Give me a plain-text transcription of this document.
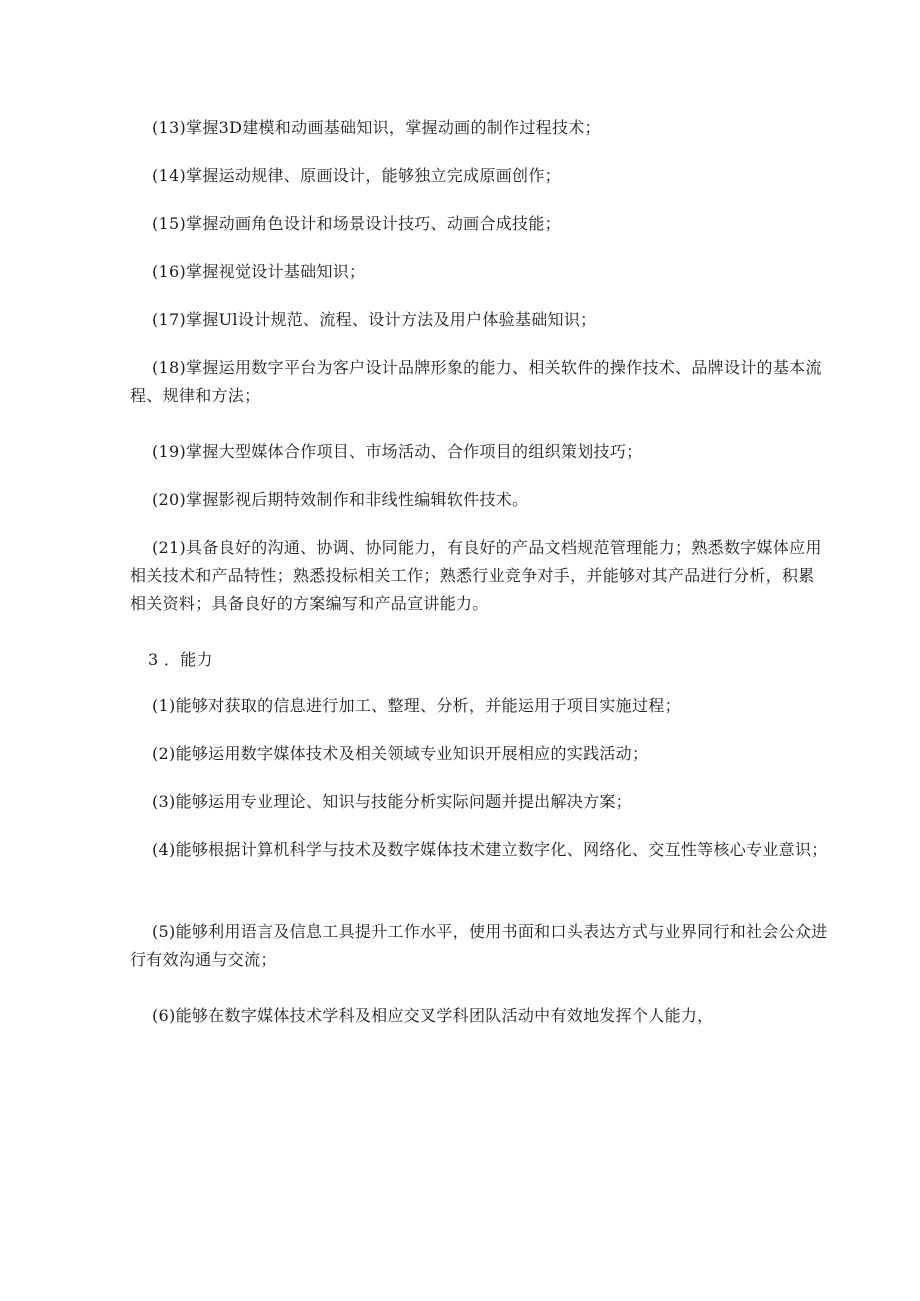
(13)掌握3D建模和动画基础知识，掌握动画的制作过程技术；

(14)掌握运动规律、原画设计，能够独立完成原画创作；

(15)掌握动画角色设计和场景设计技巧、动画合成技能；

(16)掌握视觉设计基础知识；

(17)掌握Ul设计规范、流程、设计方法及用户体验基础知识；

(18)掌握运用数字平台为客户设计品牌形象的能力、相关软件的操作技术、品牌设计的基本流程、规律和方法；

(19)掌握大型媒体合作项目、市场活动、合作项目的组织策划技巧；

(20)掌握影视后期特效制作和非线性编辑软件技术。

(21)具备良好的沟通、协调、协同能力，有良好的产品文档规范管理能力；熟悉数字媒体应用相关技术和产品特性；熟悉投标相关工作；熟悉行业竞争对手，并能够对其产品进行分析，积累相关资料；具备良好的方案编写和产品宣讲能力。

3 ．能力

(1)能够对获取的信息进行加工、整理、分析，并能运用于项目实施过程；

(2)能够运用数字媒体技术及相关领域专业知识开展相应的实践活动；

(3)能够运用专业理论、知识与技能分析实际问题并提出解决方案；

(4)能够根据计算机科学与技术及数字媒体技术建立数字化、网络化、交互性等核心专业意识；

(5)能够利用语言及信息工具提升工作水平，使用书面和口头表达方式与业界同行和社会公众进行有效沟通与交流；

(6)能够在数字媒体技术学科及相应交叉学科团队活动中有效地发挥个人能力，
